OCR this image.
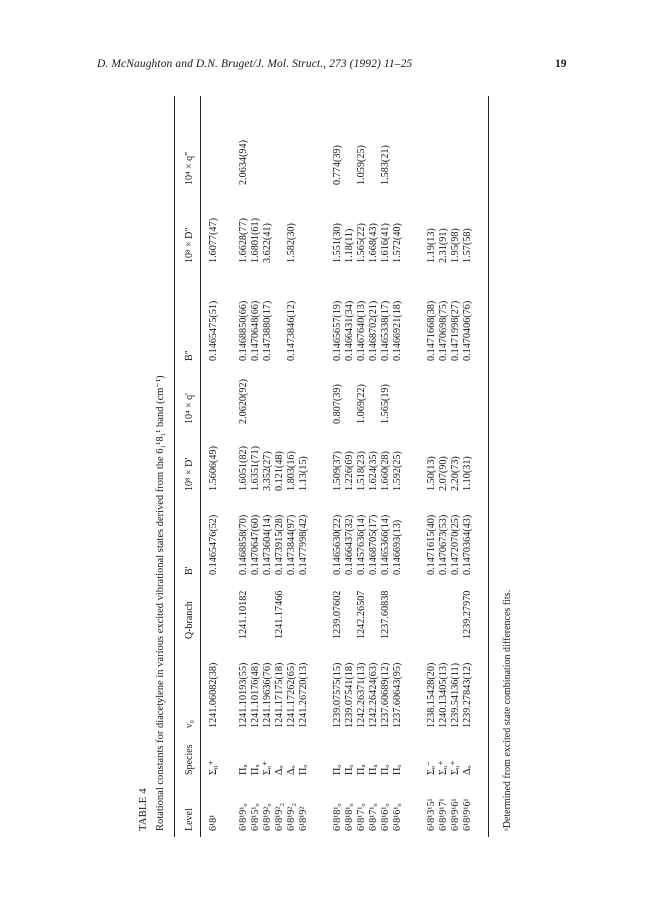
D. McNaughton and D.N. Bruget/J. Mol. Struct., 273 (1992) 11–25	19
TABLE 4 Rotational constants for diacetylene in various excited vibrational states derived from the 6₁¹8₁¹ band (cm⁻¹) Level
Species
ν₀
Q-branch
B'
10⁸ × D'
10⁴ × q'
B"
10⁸ × D"
10⁴ × q"
6¹8¹
Σ₀⁺
1241.06082(38)
0.1465476(52)
1.5606(49)
0.1465475(51)
1.6077(47)
6¹8¹9¹ₒ
Πᵤ
1241.10193(55)
1241.10182
0.1468858(70)
1.6051(82)
2.0620(92)
0.1468850(66)
1.6628(77)
2.0634(94)
6¹8¹5¹ₒ
Πᵤ
1241.10176(48)
0.1470647(60)
1.6351(71)
0.1470648(66)
1.6801(61)
6¹8¹9²ₒ
Σₒ⁺
1241.19636(76)
0.1473604(14)
3.352(27)
0.1473880(17)
3.622(41)
6¹8¹9²₂
Δₒ
1241.17175(18)
1241.17466
0.1473915(28)
0.121(48)
6¹8¹9²₂
Δₒ
1241.17262(65)
0.1473844(97)
1.803(16)
0.1473846(12)
1.582(30)
6¹8¹9²
Πₒ
1241.26720(13)
0.1477998(42)
1.13(15)
6¹8¹8¹ₒ
Πₒ
1239.07575(15)
1239.07602
0.1465630(22)
1.509(37)
0.807(39)
0.1465657(19)
1.551(30)
0.774(39)
6¹8¹8¹ₒ
Πₒ
1239.07541(18)
0.1466437(32)
1.226(69)
0.1466431(34)
1.18(11)
6¹8¹7¹ₒ
Πᵤ
1242.26371(13)
1242.26507
0.1457636(14)
1.518(23)
1.069(22)
0.1467640(13)
1.565(22)
1.059(25)
6¹8¹7¹ₒ
Πᵤ
1242.26424(63)
0.1468705(17)
1.624(35)
0.1468702(21)
1.668(43)
6¹8¹6¹ₒ
Πₒ
1237.60689(12)
1237.60838
0.1465366(14)
1.660(28)
1.565(19)
0.1465338(17)
1.616(41)
1.583(21)
6¹8¹6¹ₒ
Πₒ
1237.60643(95)
0.146693(13)
1.592(25)
0.1466921(18)
1.572(40)
6¹8¹3¹5¹
Σₒ⁻
1238.15428(20)
0.1471615(40)
1.50(13)
0.1471668(38)
1.19(13)
6¹8¹9¹7¹
Σᵤ⁺
1240.13405(13)
0.1470673(53)
2.07(90)
0.1470698(75)
2.31(91)
6¹8¹9¹6¹
Σᵤ⁺
1239.54136(11)
0.1472070(25)
2.20(73)
0.1471998(27)
1.95(98)
6¹8¹9¹6¹
Δₒ
1239.27843(12)
1239.27970
0.1470364(43)
1.10(31)
0.1470406(76)
1.57(58)
ᵃDetermined from excited state combination differences fits.
